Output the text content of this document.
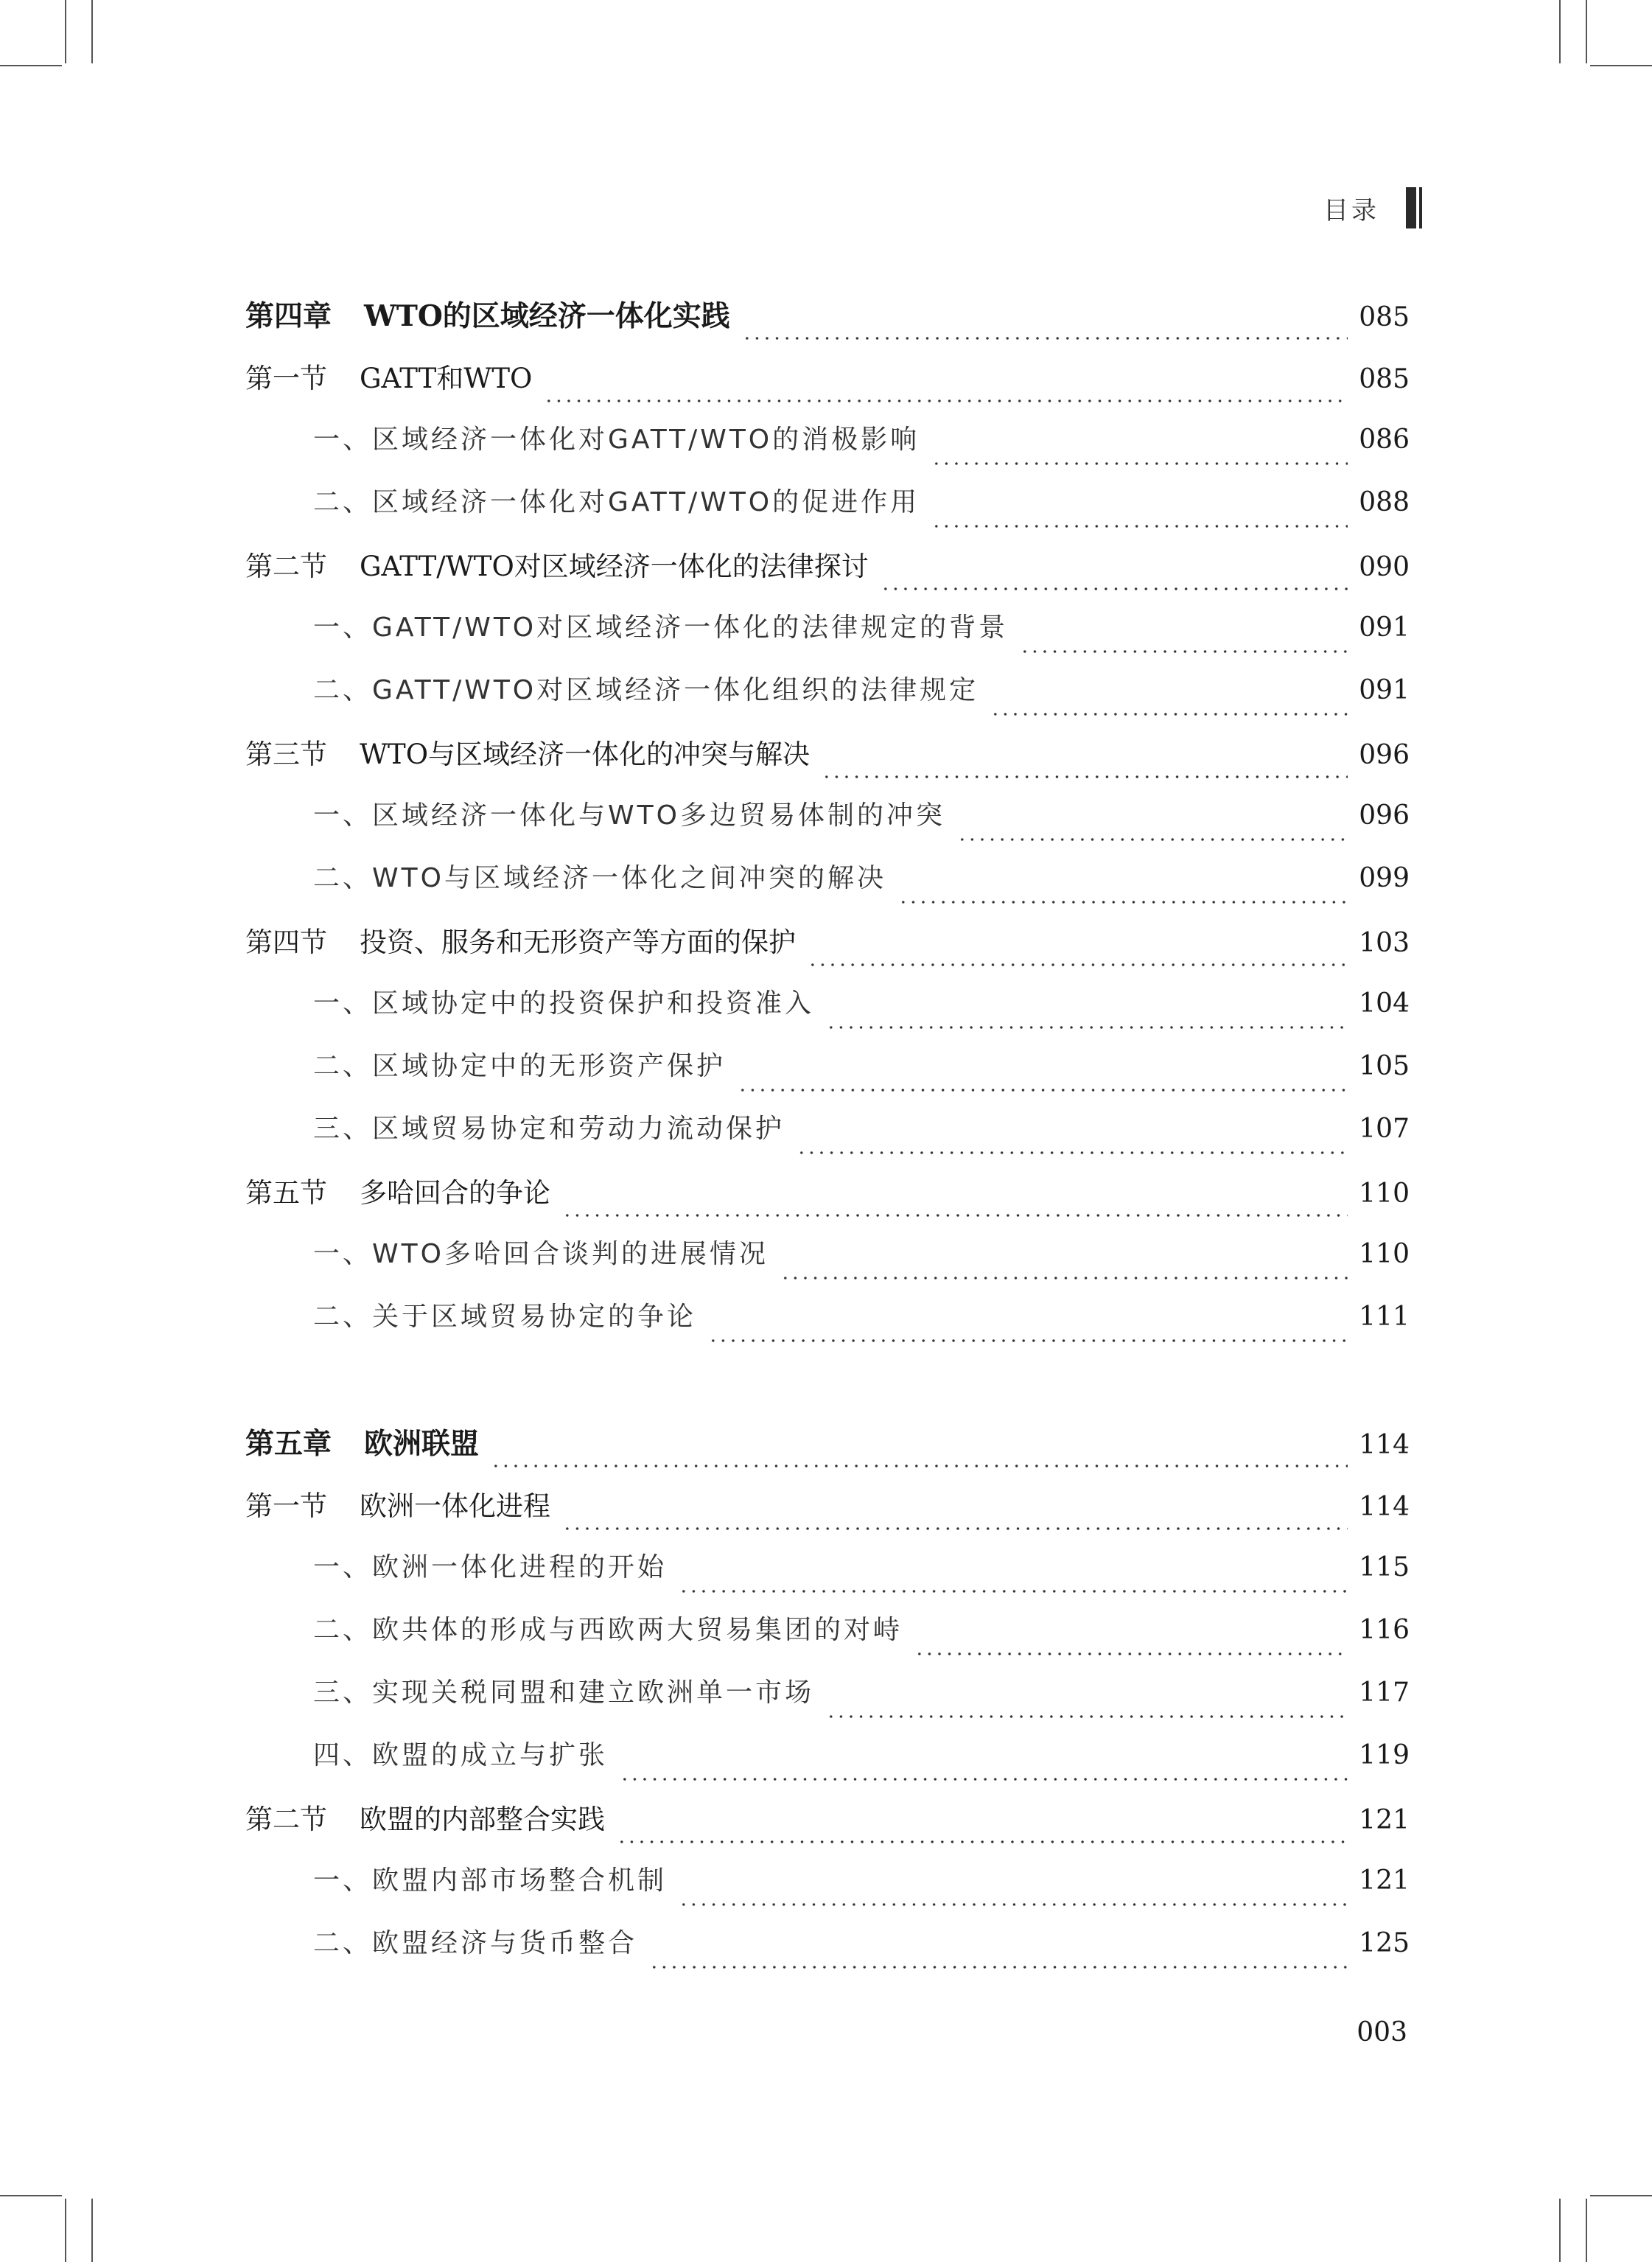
目录
第四章 WTO的区域经济一体化实践	085
第一节 GATT和WTO	085
一、 区域经济一体化对GATT/WTO的消极影响	086
二、 区域经济一体化对GATT/WTO的促进作用	088
第二节 GATT/WTO对区域经济一体化的法律探讨	090
一、 GATT/WTO对区域经济一体化的法律规定的背景	091
二、 GATT/WTO对区域经济一体化组织的法律规定	091
第三节 WTO与区域经济一体化的冲突与解决	096
一、 区域经济一体化与WTO多边贸易体制的冲突	096
二、 WTO与区域经济一体化之间冲突的解决	099
第四节 投资、服务和无形资产等方面的保护	103
一、 区域协定中的投资保护和投资准入	104
二、 区域协定中的无形资产保护	105
三、 区域贸易协定和劳动力流动保护	107
第五节 多哈回合的争论	110
一、 WTO多哈回合谈判的进展情况	110
二、 关于区域贸易协定的争论	111
第五章 欧洲联盟	114
第一节 欧洲一体化进程	114
一、 欧洲一体化进程的开始	115
二、 欧共体的形成与西欧两大贸易集团的对峙	116
三、 实现关税同盟和建立欧洲单一市场	117
四、 欧盟的成立与扩张	119
第二节 欧盟的内部整合实践	121
一、 欧盟内部市场整合机制	121
二、 欧盟经济与货币整合	125
003
